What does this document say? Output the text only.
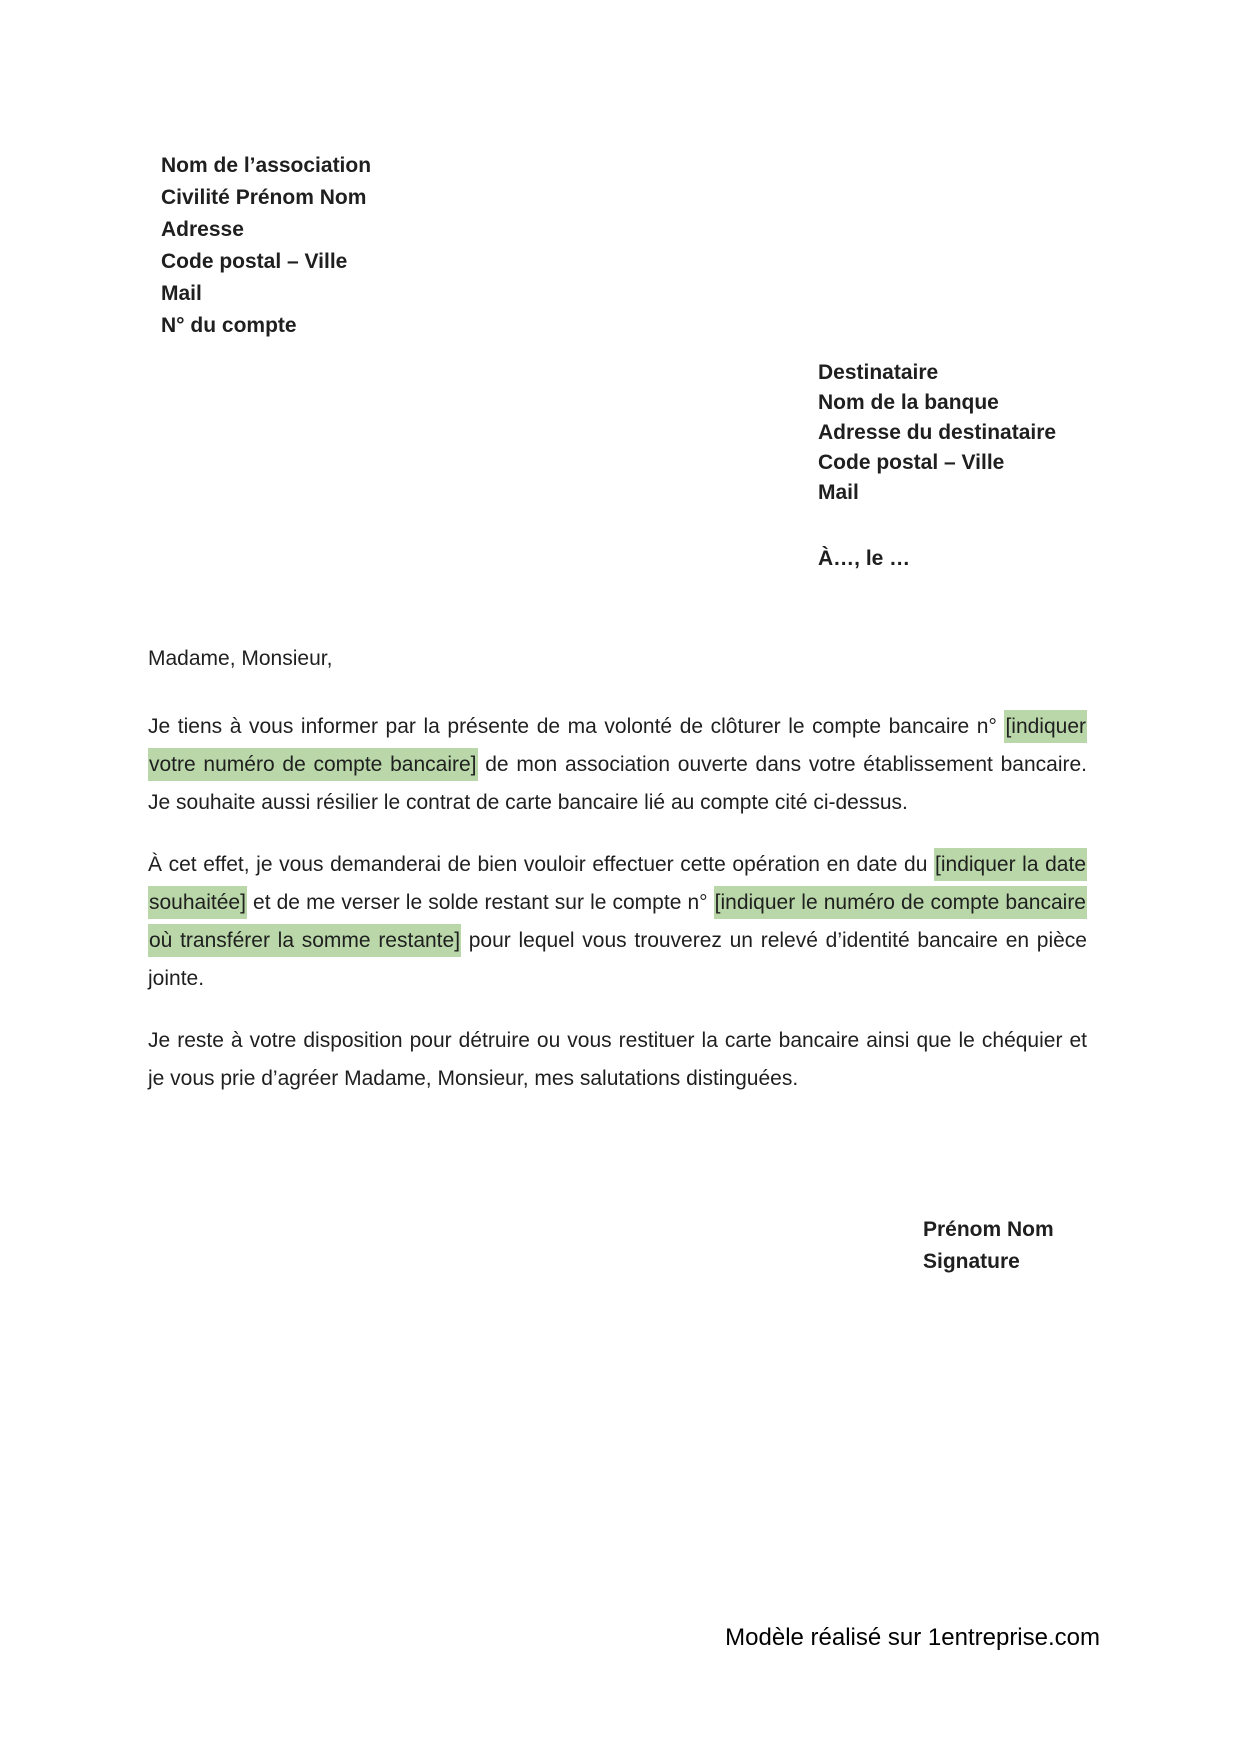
Nom de l’association
Civilité Prénom Nom
Adresse
Code postal – Ville
Mail
N° du compte
Destinataire
Nom de la banque
Adresse du destinataire
Code postal – Ville
Mail
À…, le …
Madame, Monsieur,

Je tiens à vous informer par la présente de ma volonté de clôturer le compte bancaire n° [indiquer votre numéro de compte bancaire] de mon association ouverte dans votre établissement bancaire. Je souhaite aussi résilier le contrat de carte bancaire lié au compte cité ci-dessus.

À cet effet, je vous demanderai de bien vouloir effectuer cette opération en date du [indiquer la date souhaitée] et de me verser le solde restant sur le compte n° [indiquer le numéro de compte bancaire où transférer la somme restante] pour lequel vous trouverez un relevé d’identité bancaire en pièce jointe.

Je reste à votre disposition pour détruire ou vous restituer la carte bancaire ainsi que le chéquier et je vous prie d’agréer Madame, Monsieur, mes salutations distinguées.

Prénom Nom
Signature
Modèle réalisé sur 1entreprise.com
